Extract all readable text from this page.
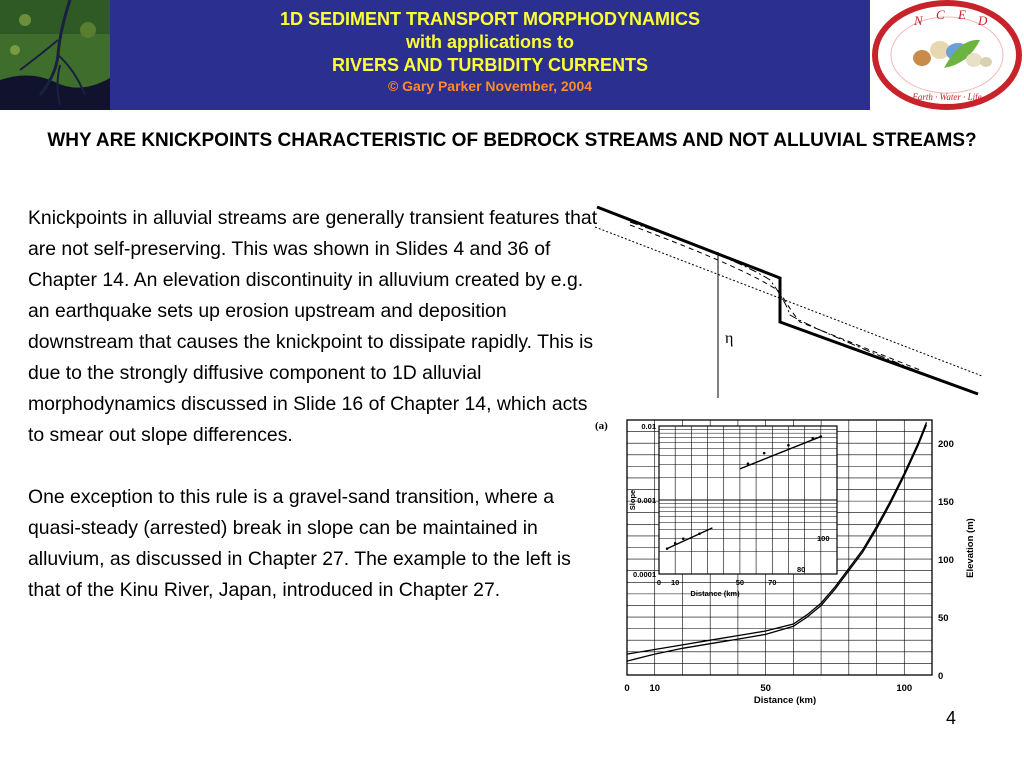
1D SEDIMENT TRANSPORT MORPHODYNAMICS
with applications to
RIVERS AND TURBIDITY CURRENTS
© Gary Parker November, 2004
N C E D
Earth · Water · Life
WHY ARE KNICKPOINTS CHARACTERISTIC OF BEDROCK STREAMS AND NOT ALLUVIAL STREAMS?

Knickpoints in alluvial streams are generally transient features that are not self-preserving. This was shown in Slides 4 and 36 of Chapter 14. An elevation discontinuity in alluvium created by e.g. an earthquake sets up erosion upstream and deposition downstream that causes the knickpoint to dissipate rapidly. This is due to the strongly diffusive component to 1D alluvial morphodynamics discussed in Slide 16 of Chapter 14, which acts to smear out slope differences.

One exception to this rule is a gravel-sand transition, where a quasi-steady (arrested) break in slope can be maintained in alluvium, as discussed in Chapter 27. The example to the left is that of the Kinu River, Japan, introduced in Chapter 27.

η
(a)
0
50
100
150
200
0 10	50	100
Distance (km)
Elevation (m)
0.01
0.001
0.0001
0 10	50	70
80
100
Distance (km)
Slope
4
